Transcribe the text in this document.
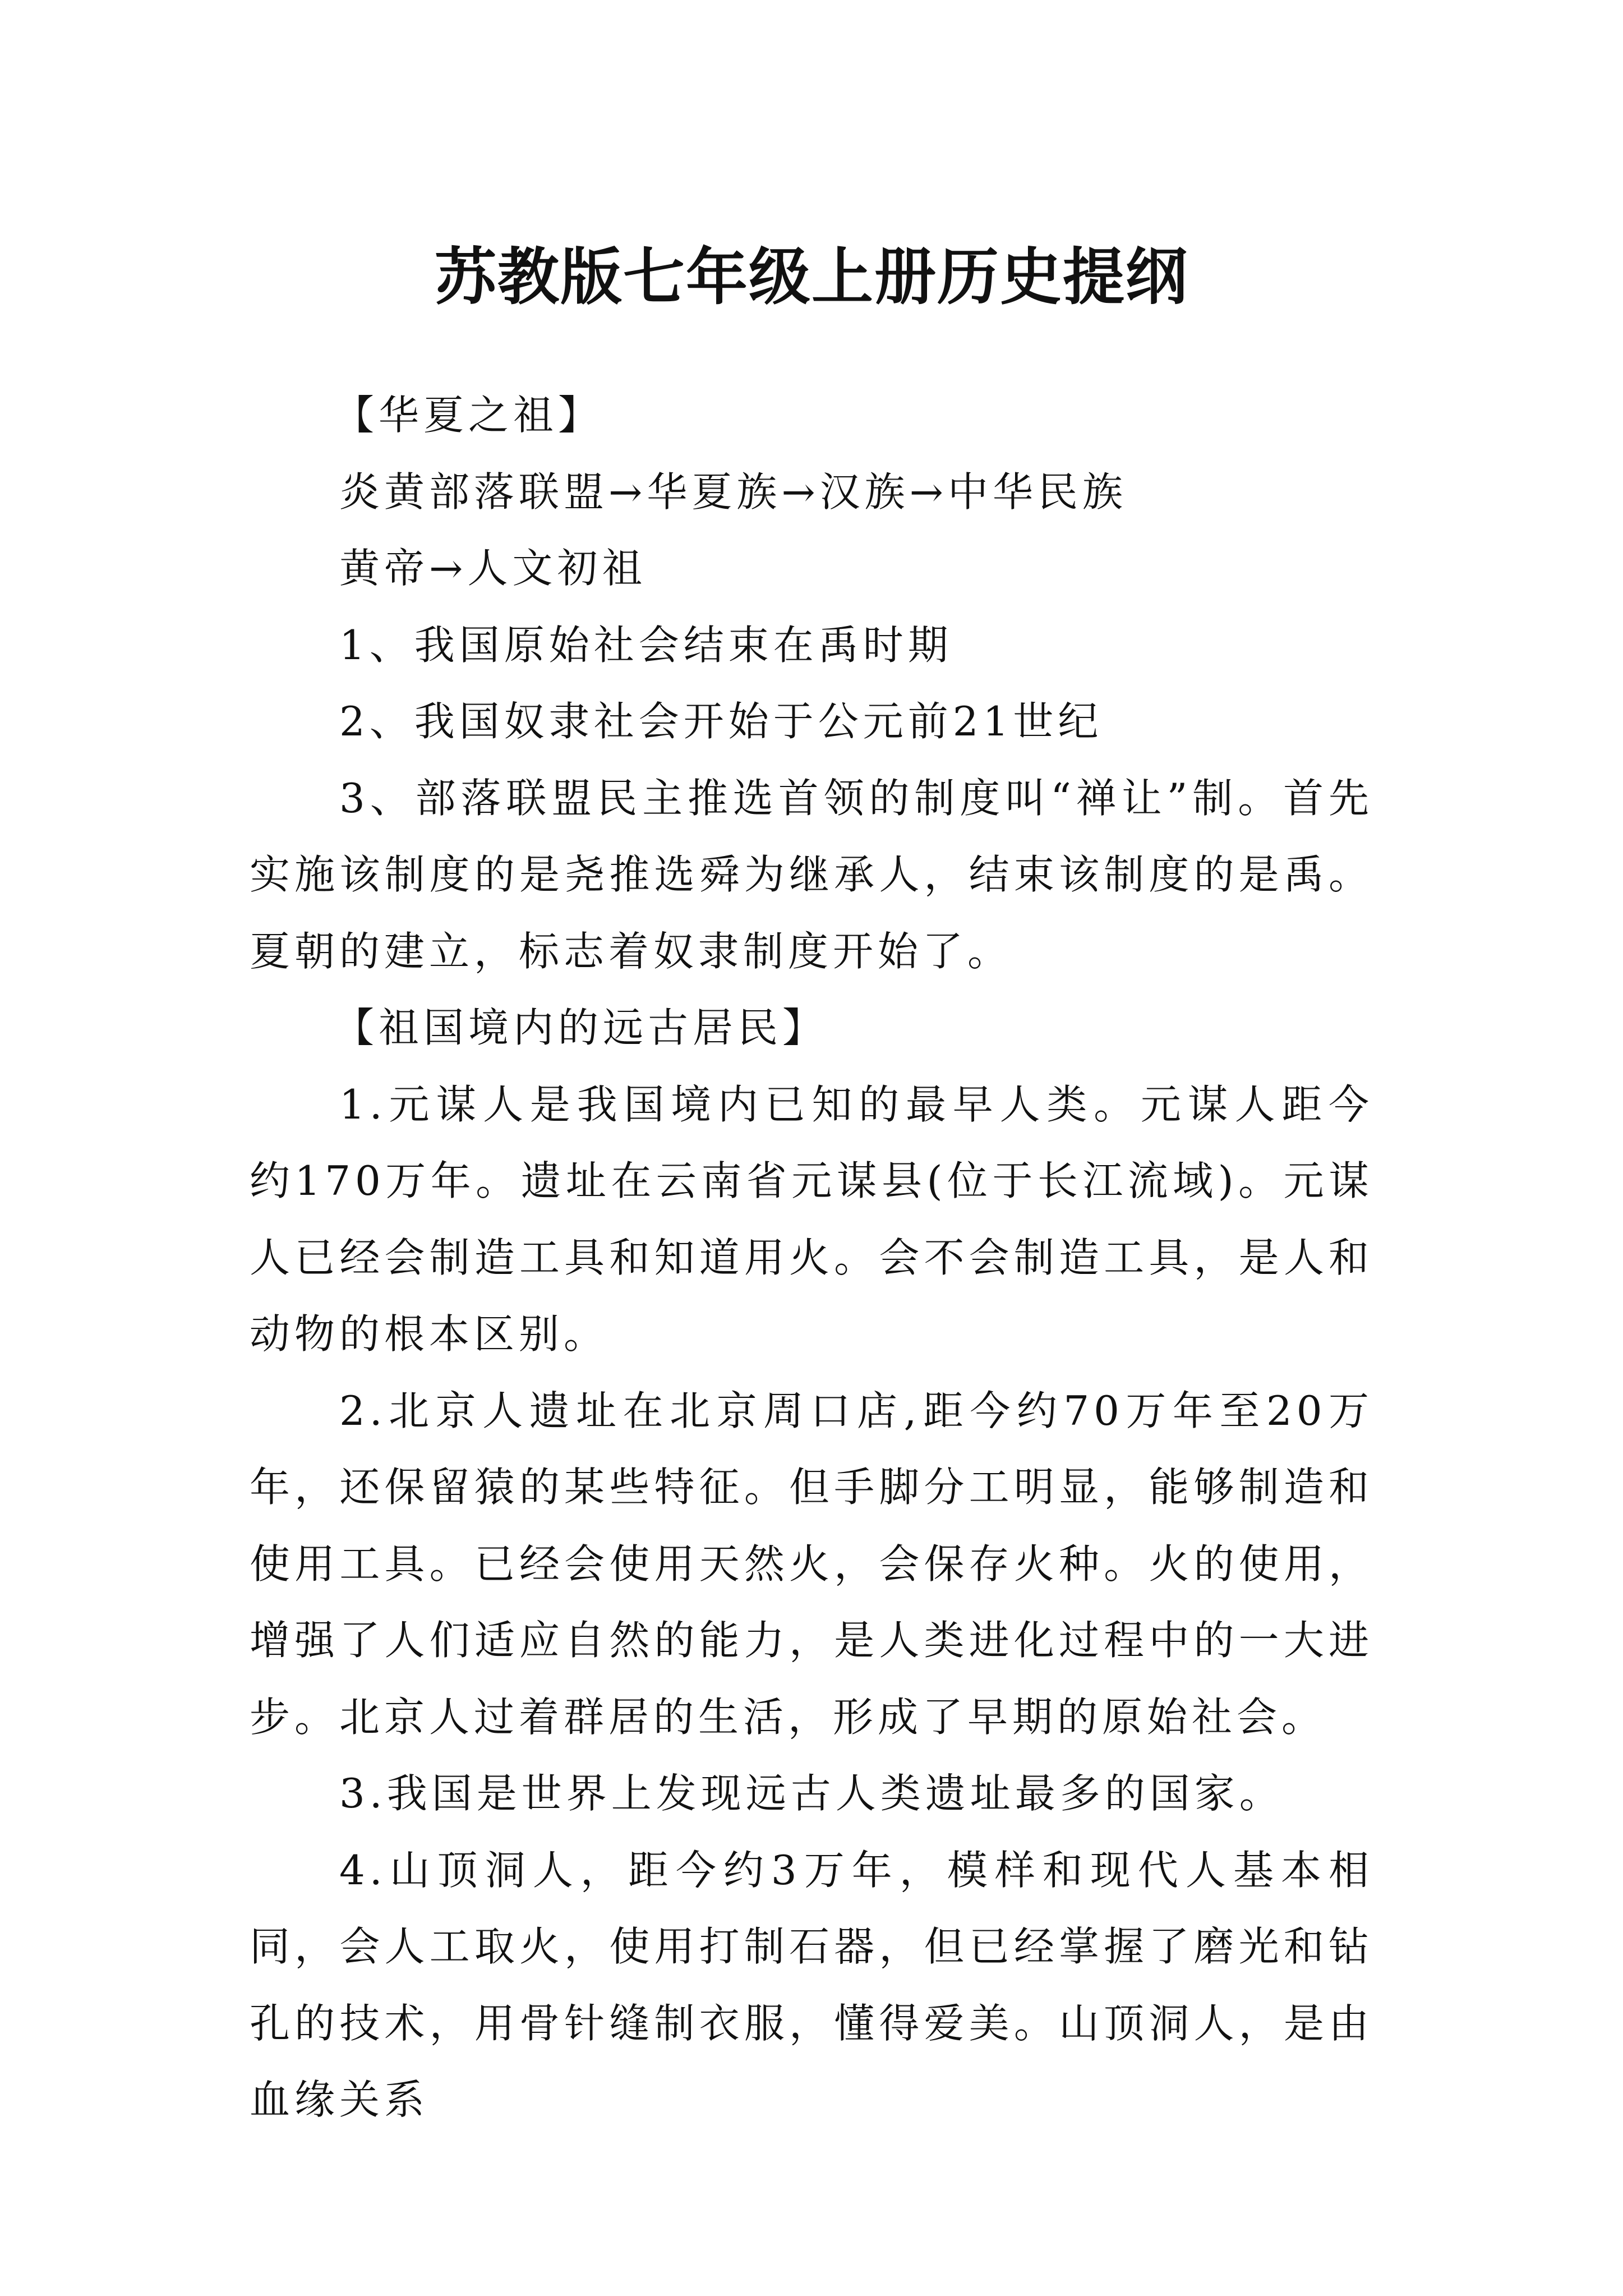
苏教版七年级上册历史提纲

【华夏之祖】

炎黄部落联盟→华夏族→汉族→中华民族

黄帝→人文初祖

1、我国原始社会结束在禹时期

2、我国奴隶社会开始于公元前21世纪

3、部落联盟民主推选首领的制度叫“禅让”制。首先实施该制度的是尧推选舜为继承人，结束该制度的是禹。夏朝的建立，标志着奴隶制度开始了。

【祖国境内的远古居民】

1.元谋人是我国境内已知的最早人类。元谋人距今约170万年。遗址在云南省元谋县(位于长江流域)。元谋人已经会制造工具和知道用火。会不会制造工具，是人和动物的根本区别。

2.北京人遗址在北京周口店,距今约70万年至20万年，还保留猿的某些特征。但手脚分工明显，能够制造和使用工具。已经会使用天然火，会保存火种。火的使用，增强了人们适应自然的能力，是人类进化过程中的一大进步。北京人过着群居的生活，形成了早期的原始社会。

3.我国是世界上发现远古人类遗址最多的国家。

4.山顶洞人，距今约3万年，模样和现代人基本相同，会人工取火，使用打制石器，但已经掌握了磨光和钻孔的技术，用骨针缝制衣服，懂得爱美。山顶洞人，是由血缘关系
